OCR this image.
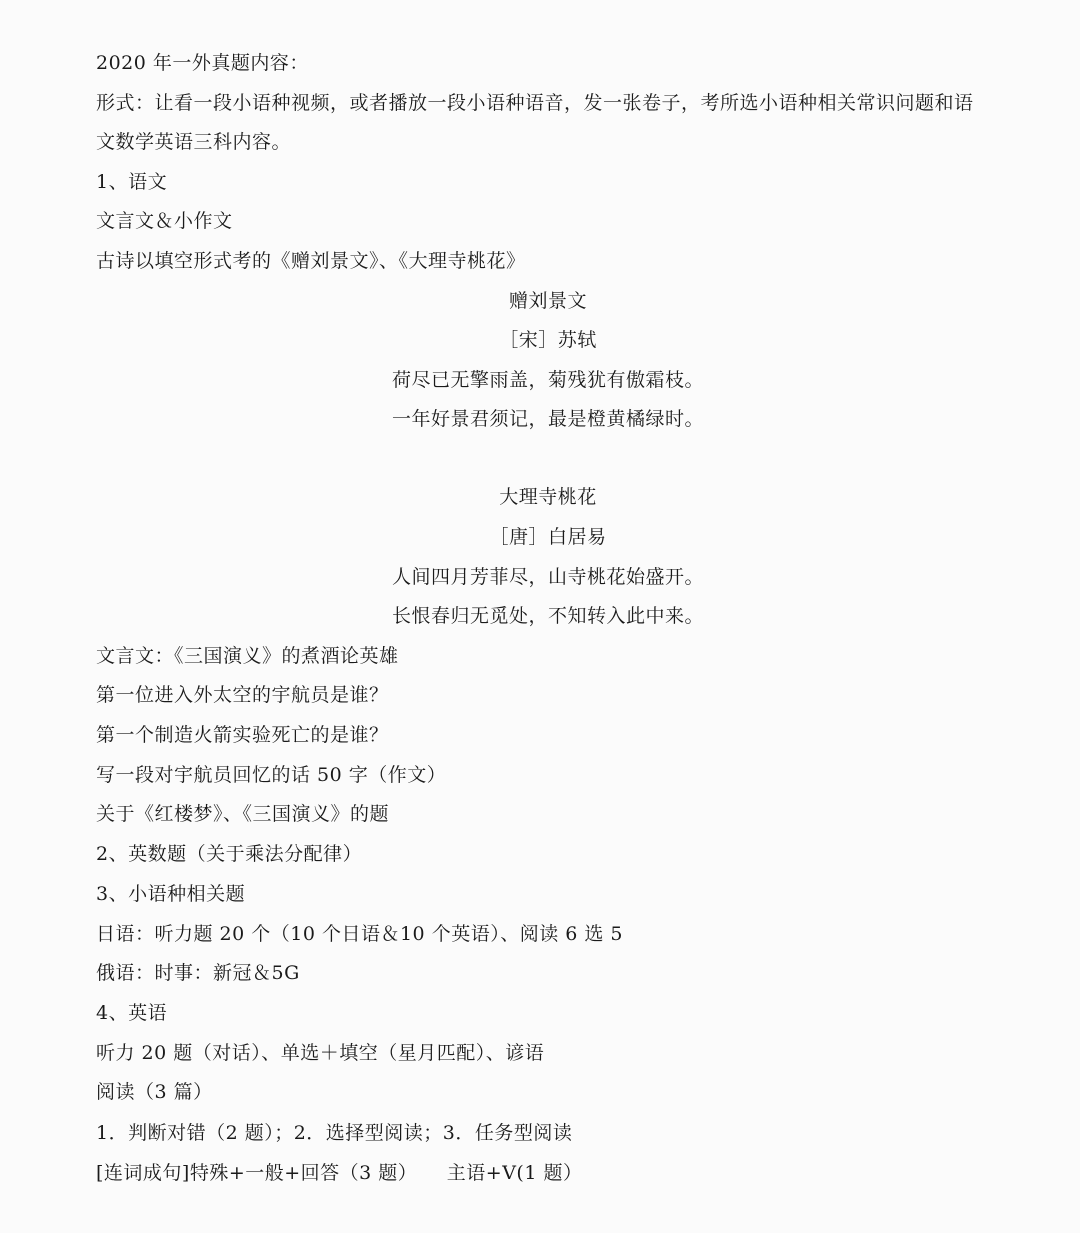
2020 年一外真题内容：
形式：让看一段小语种视频，或者播放一段小语种语音，发一张卷子，考所选小语种相关常识问题和语
文数学英语三科内容。
1、语文
文言文＆小作文
古诗以填空形式考的《赠刘景文》、《大理寺桃花》
赠刘景文
［宋］苏轼
荷尽已无擎雨盖，菊残犹有傲霜枝。
一年好景君须记，最是橙黄橘绿时。
大理寺桃花
［唐］白居易
人间四月芳菲尽，山寺桃花始盛开。
长恨春归无觅处，不知转入此中来。
文言文：《三国演义》的煮酒论英雄
第一位进入外太空的宇航员是谁？
第一个制造火箭实验死亡的是谁？
写一段对宇航员回忆的话 50 字（作文）
关于《红楼梦》、《三国演义》的题
2、英数题（关于乘法分配律）
3、小语种相关题
日语：听力题 20 个（10 个日语＆10 个英语）、阅读 6 选 5
俄语：时事：新冠＆5G
4、英语
听力 20 题（对话）、单选＋填空（星月匹配）、谚语
阅读（3 篇）
1．判断对错（2 题）；2．选择型阅读；3．任务型阅读
[连词成句]特殊+一般+回答（3 题）　　主语+V(1 题）
